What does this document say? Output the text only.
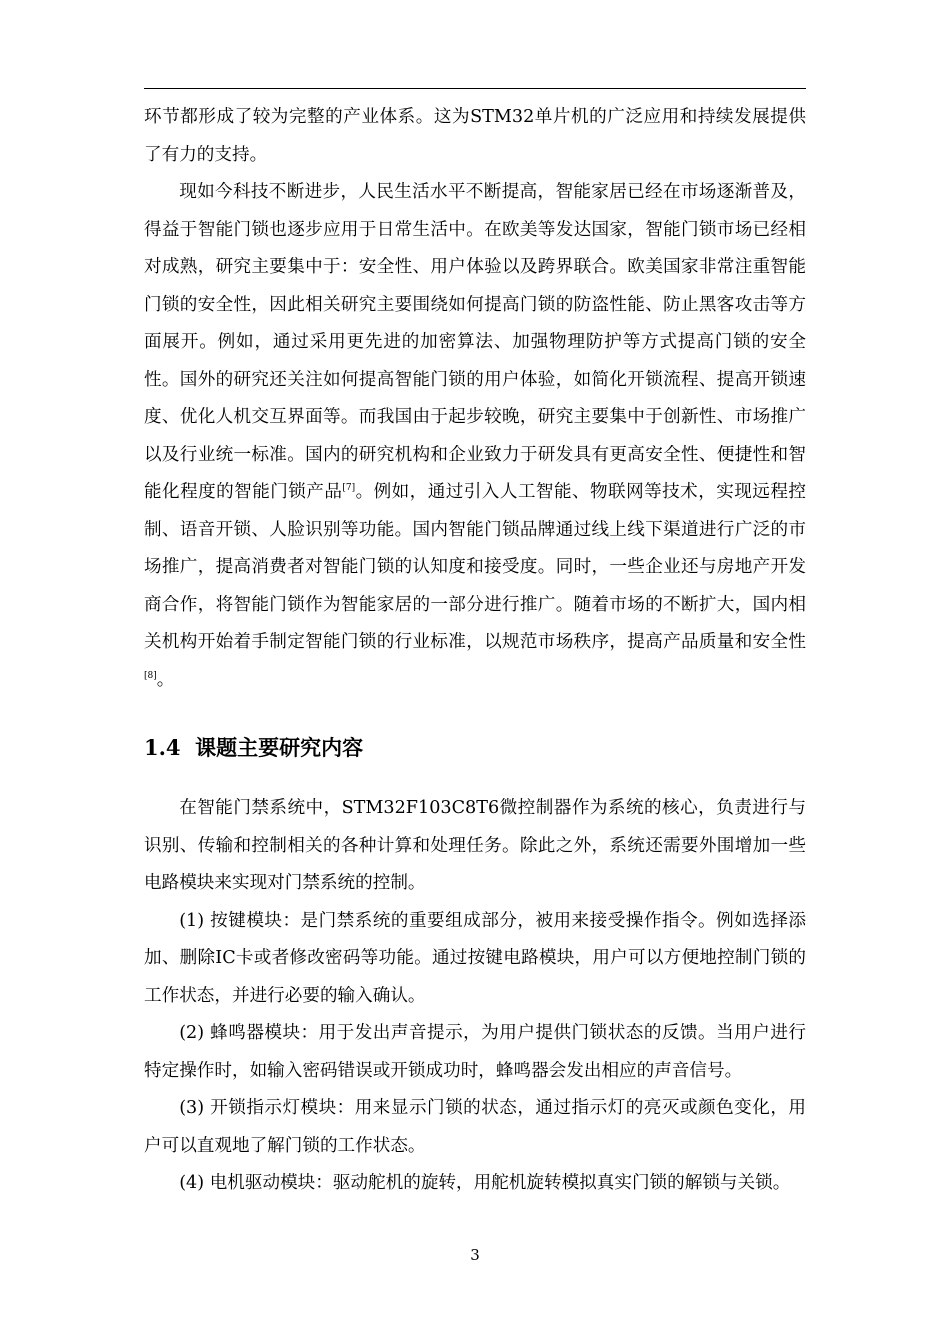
环节都形成了较为完整的产业体系。这为STM32单片机的广泛应用和持续发展提供了有力的支持。

现如今科技不断进步，人民生活水平不断提高，智能家居已经在市场逐渐普及，得益于智能门锁也逐步应用于日常生活中。在欧美等发达国家，智能门锁市场已经相对成熟，研究主要集中于：安全性、用户体验以及跨界联合。欧美国家非常注重智能门锁的安全性，因此相关研究主要围绕如何提高门锁的防盗性能、防止黑客攻击等方面展开。例如，通过采用更先进的加密算法、加强物理防护等方式提高门锁的安全性。国外的研究还关注如何提高智能门锁的用户体验，如简化开锁流程、提高开锁速度、优化人机交互界面等。而我国由于起步较晚，研究主要集中于创新性、市场推广以及行业统一标准。国内的研究机构和企业致力于研发具有更高安全性、便捷性和智能化程度的智能门锁产品[7]。例如，通过引入人工智能、物联网等技术，实现远程控制、语音开锁、人脸识别等功能。国内智能门锁品牌通过线上线下渠道进行广泛的市场推广，提高消费者对智能门锁的认知度和接受度。同时，一些企业还与房地产开发商合作，将智能门锁作为智能家居的一部分进行推广。随着市场的不断扩大，国内相关机构开始着手制定智能门锁的行业标准，以规范市场秩序，提高产品质量和安全性[8]。

1.4 课题主要研究内容

在智能门禁系统中，STM32F103C8T6微控制器作为系统的核心，负责进行与识别、传输和控制相关的各种计算和处理任务。除此之外，系统还需要外围增加一些电路模块来实现对门禁系统的控制。

(1) 按键模块：是门禁系统的重要组成部分，被用来接受操作指令。例如选择添加、删除IC卡或者修改密码等功能。通过按键电路模块，用户可以方便地控制门锁的工作状态，并进行必要的输入确认。

(2) 蜂鸣器模块：用于发出声音提示，为用户提供门锁状态的反馈。当用户进行特定操作时，如输入密码错误或开锁成功时，蜂鸣器会发出相应的声音信号。

(3) 开锁指示灯模块：用来显示门锁的状态，通过指示灯的亮灭或颜色变化，用户可以直观地了解门锁的工作状态。

(4) 电机驱动模块：驱动舵机的旋转，用舵机旋转模拟真实门锁的解锁与关锁。

3
